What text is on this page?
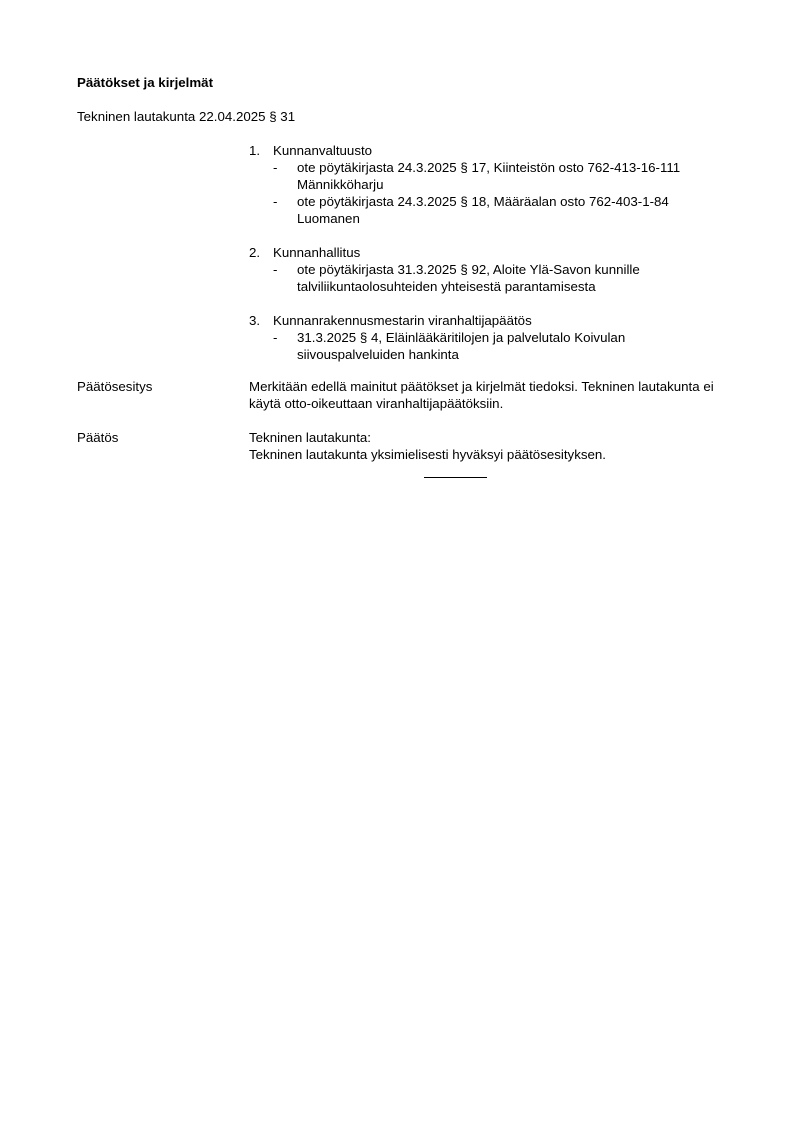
Päätökset ja kirjelmät
Tekninen lautakunta 22.04.2025 § 31
1. Kunnanvaltuusto
-	ote pöytäkirjasta 24.3.2025 § 17, Kiinteistön osto 762-413-16-111 Männikköharju
-	ote pöytäkirjasta 24.3.2025 § 18, Määräalan osto 762-403-1-84 Luomanen
2. Kunnanhallitus
-	ote pöytäkirjasta 31.3.2025 § 92, Aloite Ylä-Savon kunnille talviliikuntaolosuhteiden yhteisestä parantamisesta
3. Kunnanrakennusmestarin viranhaltijapäätös
-	31.3.2025 § 4, Eläinlääkäritilojen ja palvelutalo Koivulan siivouspalveluiden hankinta
Päätösesitys	Merkitään edellä mainitut päätökset ja kirjelmät tiedoksi. Tekninen lautakunta ei käytä otto-oikeuttaan viranhaltijapäätöksiin.
Päätös	Tekninen lautakunta:
Tekninen lautakunta yksimielisesti hyväksyi päätösesityksen.
